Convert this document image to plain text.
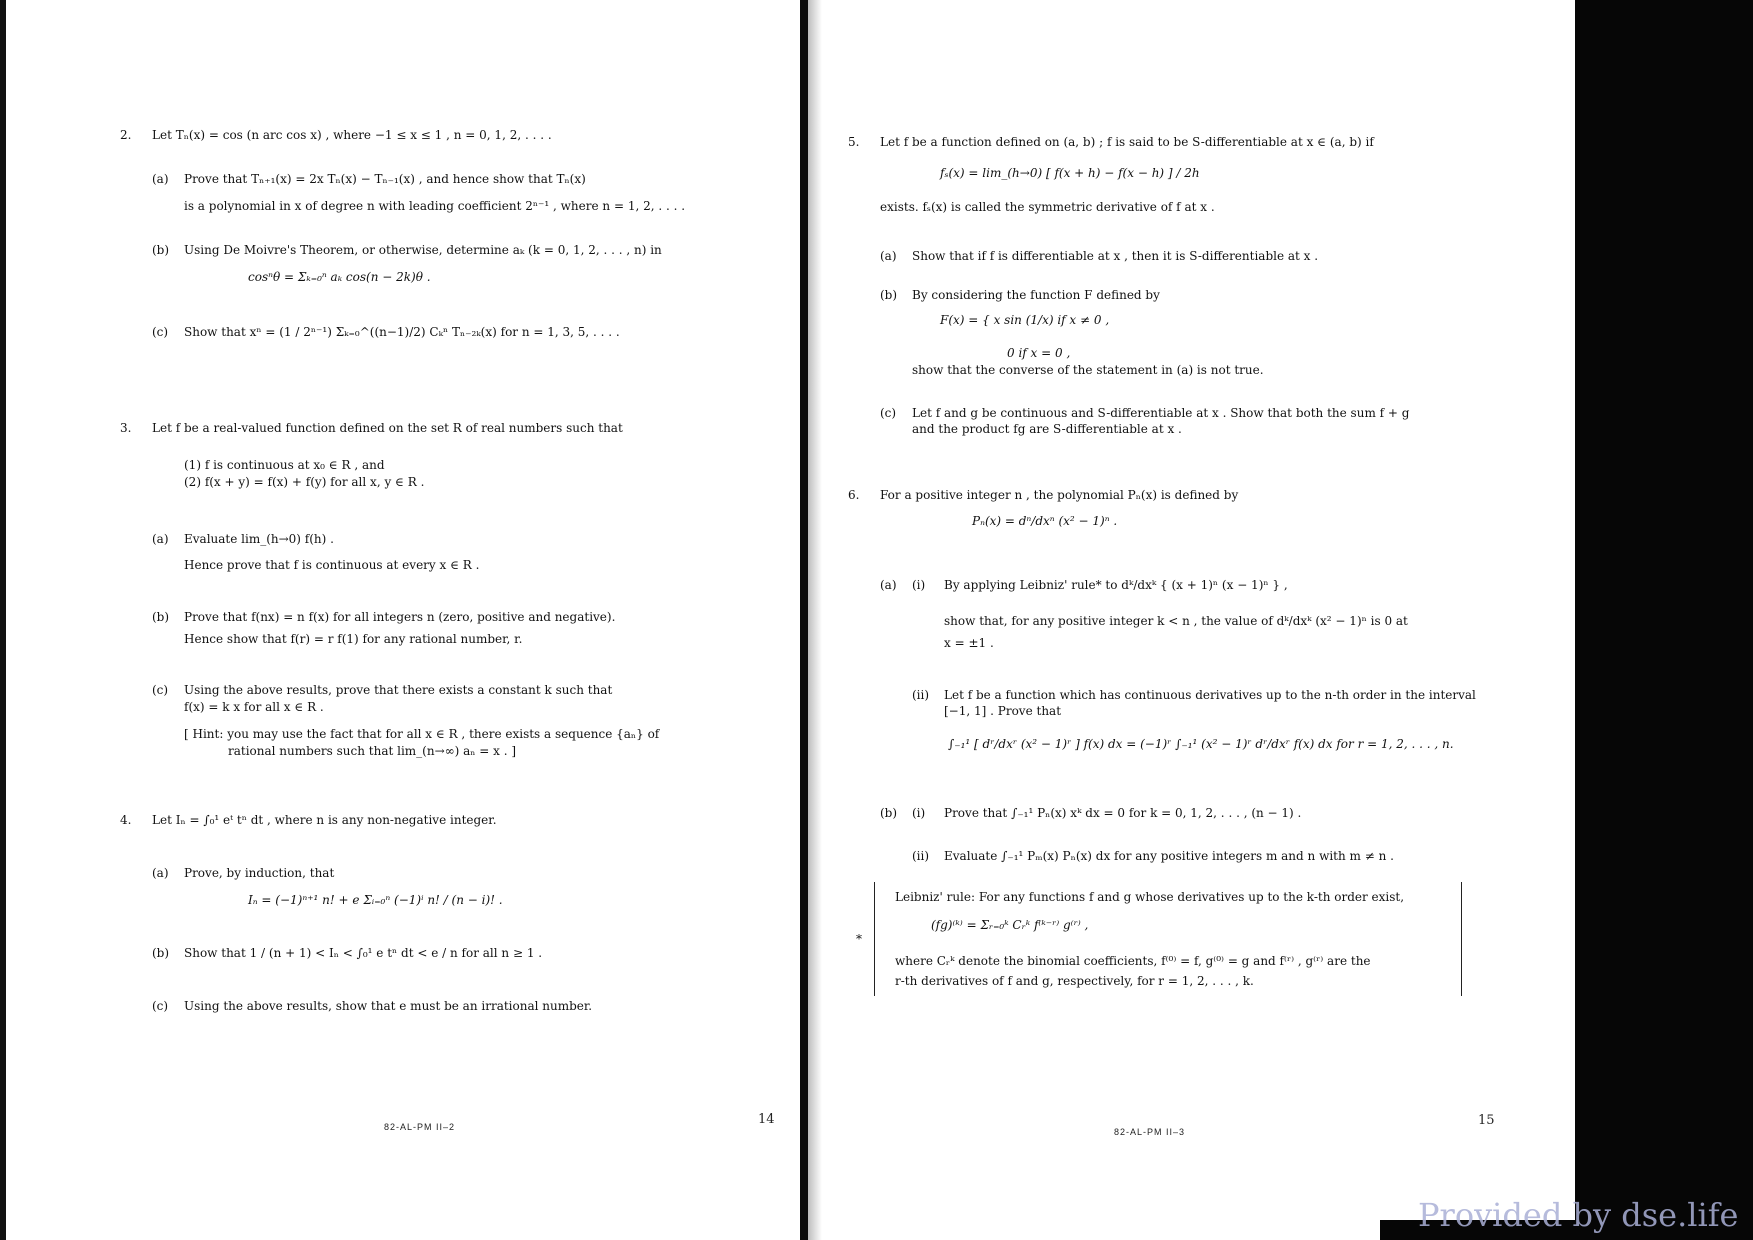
2. Let Tₙ(x) = cos (n arc cos x) , where −1 ≤ x ≤ 1 , n = 0, 1, 2, . . . .
(a) Prove that Tₙ₊₁(x) = 2x Tₙ(x) − Tₙ₋₁(x) , and hence show that Tₙ(x)
is a polynomial in x of degree n with leading coefficient 2ⁿ⁻¹ , where n = 1, 2, . . . .
(b) Using De Moivre's Theorem, or otherwise, determine aₖ (k = 0, 1, 2, . . . , n) in
cosⁿθ = Σₖ₌₀ⁿ aₖ cos(n − 2k)θ .
(c) Show that xⁿ = (1 / 2ⁿ⁻¹) Σₖ₌₀^((n−1)/2) Cₖⁿ Tₙ₋₂ₖ(x) for n = 1, 3, 5, . . . .
3. Let f be a real-valued function defined on the set R of real numbers such that
(1) f is continuous at x₀ ∈ R , and
(2) f(x + y) = f(x) + f(y) for all x, y ∈ R .
(a) Evaluate lim_(h→0) f(h) .
Hence prove that f is continuous at every x ∈ R .
(b) Prove that f(nx) = n f(x) for all integers n (zero, positive and negative).
Hence show that f(r) = r f(1) for any rational number, r.
(c) Using the above results, prove that there exists a constant k such that
f(x) = k x for all x ∈ R .
[ Hint: you may use the fact that for all x ∈ R , there exists a sequence {aₙ} of
rational numbers such that lim_(n→∞) aₙ = x . ]
4. Let Iₙ = ∫₀¹ eᵗ tⁿ dt , where n is any non-negative integer.
(a) Prove, by induction, that
Iₙ = (−1)ⁿ⁺¹ n! + e Σᵢ₌₀ⁿ (−1)ⁱ n! / (n − i)! .
(b) Show that 1 / (n + 1) < Iₙ < ∫₀¹ e tⁿ dt < e / n for all n ≥ 1 .
(c) Using the above results, show that e must be an irrational number.
82-AL-PM II–2	14
5. Let f be a function defined on (a, b) ; f is said to be S-differentiable at x ∈ (a, b) if
fₛ(x) = lim_(h→0) [ f(x + h) − f(x − h) ] / 2h
exists. fₛ(x) is called the symmetric derivative of f at x .
(a) Show that if f is differentiable at x , then it is S-differentiable at x .
(b) By considering the function F defined by
F(x) = { x sin (1/x) if x ≠ 0 ,
0 if x = 0 ,
show that the converse of the statement in (a) is not true.
(c) Let f and g be continuous and S-differentiable at x . Show that both the sum f + g
and the product fg are S-differentiable at x .
6. For a positive integer n , the polynomial Pₙ(x) is defined by
Pₙ(x) = dⁿ/dxⁿ (x² − 1)ⁿ .
(a) (i) By applying Leibniz' rule* to dᵏ/dxᵏ { (x + 1)ⁿ (x − 1)ⁿ } ,
show that, for any positive integer k < n , the value of dᵏ/dxᵏ (x² − 1)ⁿ is 0 at
x = ±1 .
(ii) Let f be a function which has continuous derivatives up to the n-th order in the interval
[−1, 1] . Prove that
∫₋₁¹ [ dʳ/dxʳ (x² − 1)ʳ ] f(x) dx = (−1)ʳ ∫₋₁¹ (x² − 1)ʳ dʳ/dxʳ f(x) dx for r = 1, 2, . . . , n.
(b) (i) Prove that ∫₋₁¹ Pₙ(x) xᵏ dx = 0 for k = 0, 1, 2, . . . , (n − 1) .
(ii) Evaluate ∫₋₁¹ Pₘ(x) Pₙ(x) dx for any positive integers m and n with m ≠ n .
*
Leibniz' rule: For any functions f and g whose derivatives up to the k-th order exist,
(fg)⁽ᵏ⁾ = Σᵣ₌₀ᵏ Cᵣᵏ f⁽ᵏ⁻ʳ⁾ g⁽ʳ⁾ ,
where Cᵣᵏ denote the binomial coefficients, f⁽⁰⁾ = f, g⁽⁰⁾ = g and f⁽ʳ⁾ , g⁽ʳ⁾ are the
r-th derivatives of f and g, respectively, for r = 1, 2, . . . , k.
82-AL-PM II–3
15
Provided by dse.life
